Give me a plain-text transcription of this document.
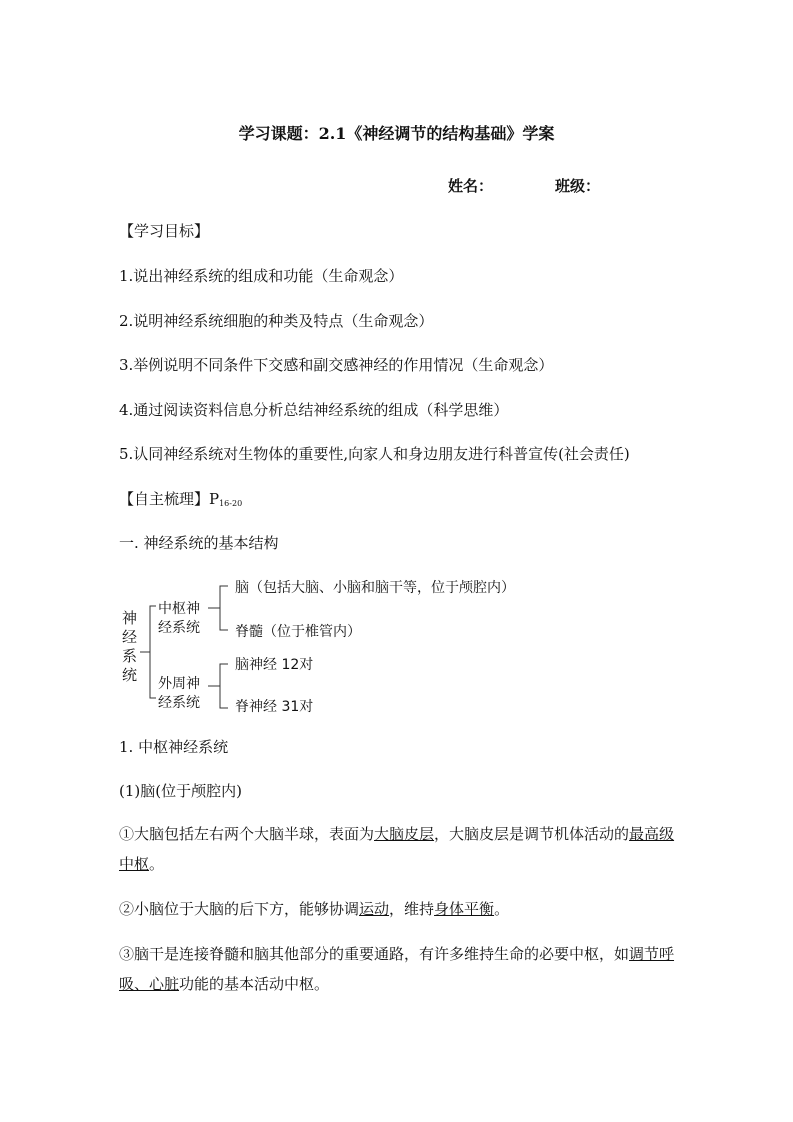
学习课题：2.1《神经调节的结构基础》学案
姓名：	班级：
【学习目标】
1.说出神经系统的组成和功能（生命观念）
2.说明神经系统细胞的种类及特点（生命观念）
3.举例说明不同条件下交感和副交感神经的作用情况（生命观念）
4.通过阅读资料信息分析总结神经系统的组成（科学思维）
5.认同神经系统对生物体的重要性,向家人和身边朋友进行科普宣传(社会责任)
【自主梳理】$P_{16-20}$
一. 神经系统的基本结构
神经系统
中枢神
经系统
外周神
经系统
脑（包括大脑、小脑和脑干等，位于颅腔内）
脊髓（位于椎管内）
脑神经 12对
脊神经 31对
1. 中枢神经系统
(1)脑(位于颅腔内)
①大脑包括左右两个大脑半球，表面为大脑皮层，大脑皮层是调节机体活动的最高级中枢。
②小脑位于大脑的后下方，能够协调运动，维持身体平衡。
③脑干是连接脊髓和脑其他部分的重要通路，有许多维持生命的必要中枢，如调节呼吸、心脏功能的基本活动中枢。
